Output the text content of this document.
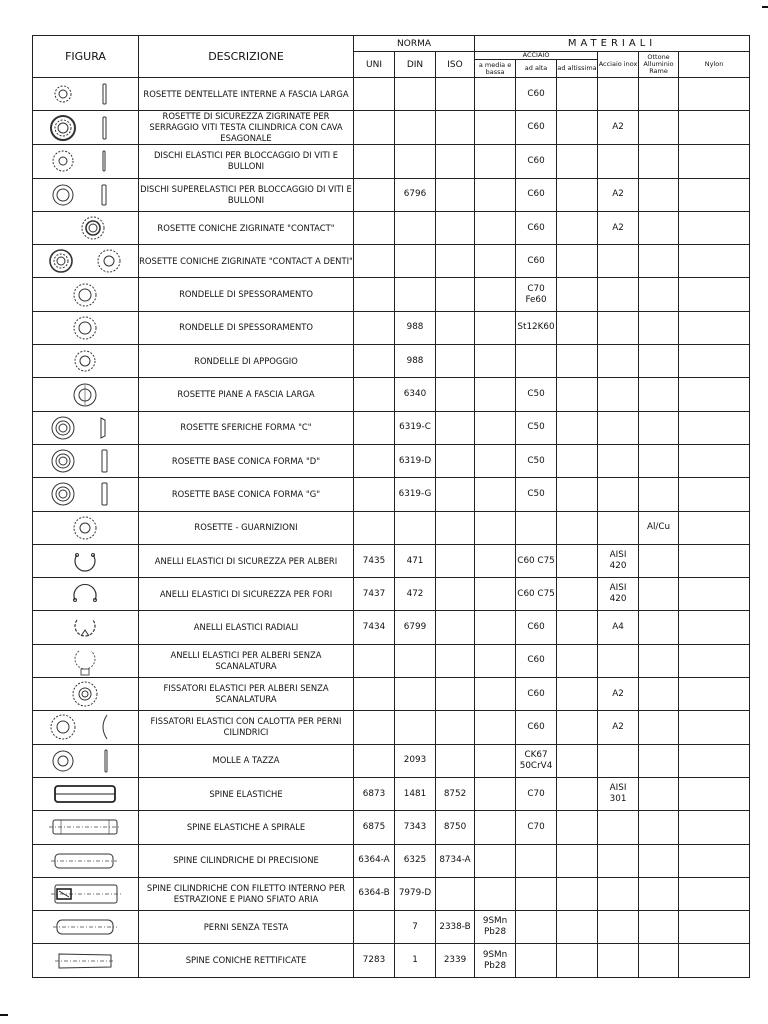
FIGURA	DESCRIZIONE	NORMA			MATERIALI					
		UNI	DIN	ISO	ACCIAIO			Acciaio inox	Ottone Alluminio Rame	Nylon
					a media e bassa	ad alta	ad altissima			

	ROSETTE DENTELLATE INTERNE A FASCIA LARGA					C60				

	ROSETTE DI SICUREZZA ZIGRINATE PER SERRAGGIO VITI TESTA CILINDRICA CON CAVA ESAGONALE					C60		A2		

	DISCHI ELASTICI PER BLOCCAGGIO DI VITI E BULLONI					C60				

	DISCHI SUPERELASTICI PER BLOCCAGGIO DI VITI E BULLONI		6796			C60		A2		

	ROSETTE CONICHE ZIGRINATE "CONTACT"					C60		A2		

	ROSETTE CONICHE ZIGRINATE "CONTACT A DENTI"					C60				

	RONDELLE DI SPESSORAMENTO					C70
Fe60				

	RONDELLE DI SPESSORAMENTO		988			St12K60				

	RONDELLE DI APPOGGIO		988							

	ROSETTE PIANE A FASCIA LARGA		6340			C50				

	ROSETTE SFERICHE FORMA "C"		6319-C			C50				

	ROSETTE BASE CONICA FORMA "D"		6319-D			C50				

	ROSETTE BASE CONICA FORMA "G"		6319-G			C50				

	ROSETTE - GUARNIZIONI								Al/Cu	

	ANELLI ELASTICI DI SICUREZZA PER ALBERI	7435	471			C60 C75		AISI
420		

	ANELLI ELASTICI DI SICUREZZA PER FORI	7437	472			C60 C75		AISI
420		

	ANELLI ELASTICI RADIALI	7434	6799			C60		A4		

	ANELLI ELASTICI PER ALBERI SENZA SCANALATURA					C60				

	FISSATORI ELASTICI PER ALBERI SENZA SCANALATURA					C60		A2		

	FISSATORI ELASTICI CON CALOTTA PER PERNI CILINDRICI					C60		A2		

	MOLLE A TAZZA		2093			CK67
50CrV4				

	SPINE ELASTICHE	6873	1481	8752		C70		AISI
301		

	SPINE ELASTICHE A SPIRALE	6875	7343	8750		C70				

	SPINE CILINDRICHE DI PRECISIONE	6364-A	6325	8734-A						

	SPINE CILINDRICHE CON FILETTO INTERNO PER ESTRAZIONE E PIANO SFIATO ARIA	6364-B	7979-D							

	PERNI SENZA TESTA		7	2338-B	9SMn
Pb28					

	SPINE CONICHE RETTIFICATE	7283	1	2339	9SMn
Pb28					
